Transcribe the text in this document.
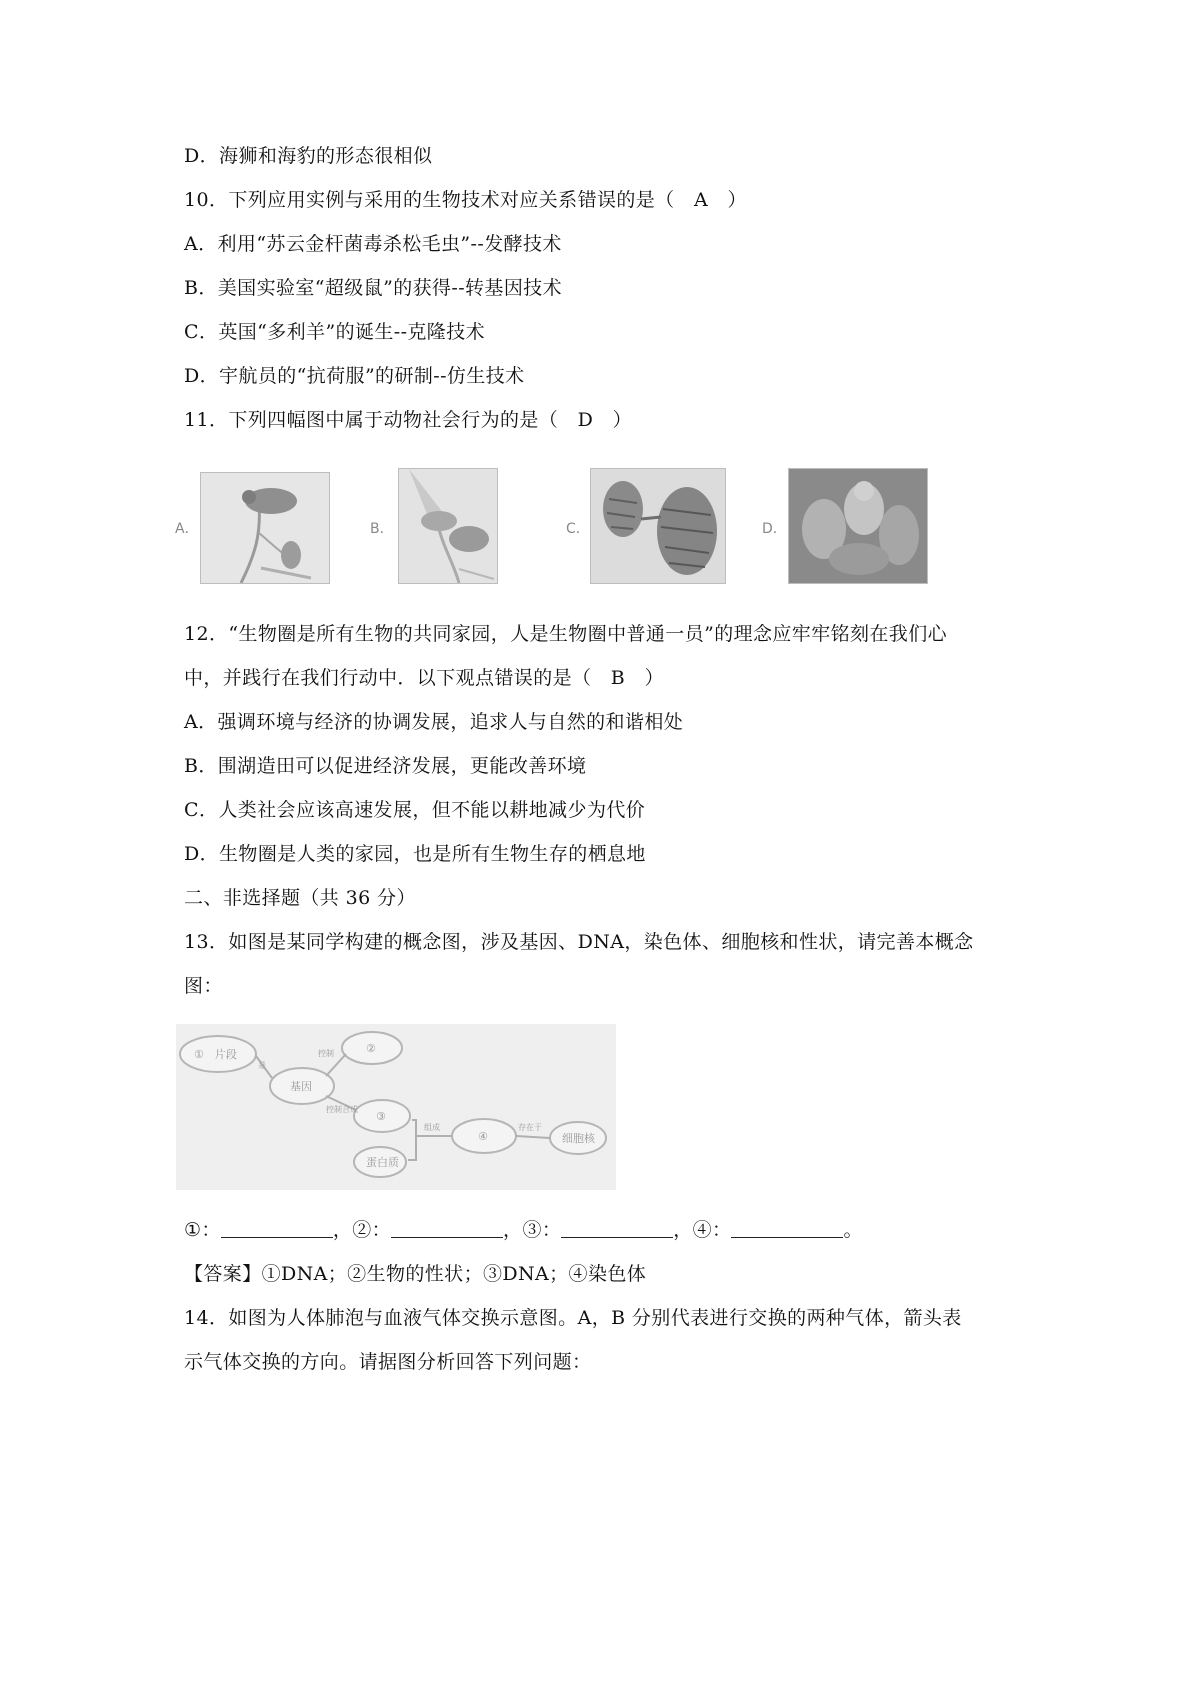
D．海狮和海豹的形态很相似
10．下列应用实例与采用的生物技术对应关系错误的是（　A　）
A．利用“苏云金杆菌毒杀松毛虫”--发酵技术
B．美国实验室“超级鼠”的获得--转基因技术
C．英国“多利羊”的诞生--克隆技术
D．宇航员的“抗荷服”的研制--仿生技术
11．下列四幅图中属于动物社会行为的是（　D　）
A．	B．	C．	D．
12．“生物圈是所有生物的共同家园，人是生物圈中普通一员”的理念应牢牢铭刻在我们心
中，并践行在我们行动中．以下观点错误的是（　B　）
A．强调环境与经济的协调发展，追求人与自然的和谐相处
B．围湖造田可以促进经济发展，更能改善环境
C．人类社会应该高速发展，但不能以耕地减少为代价
D．生物圈是人类的家园，也是所有生物生存的栖息地
二、非选择题（共 36 分）
13．如图是某同学构建的概念图，涉及基因、DNA，染色体、细胞核和性状，请完善本概念
图：
①　片段	②
基因
③
④	细胞核
蛋白质
是
控制
控制合成
组成	存在于
①：	，②：	，③：	，④：	。
【答案】①DNA；②生物的性状；③DNA；④染色体
14．如图为人体肺泡与血液气体交换示意图。A，B 分别代表进行交换的两种气体，箭头表
示气体交换的方向。请据图分析回答下列问题：
